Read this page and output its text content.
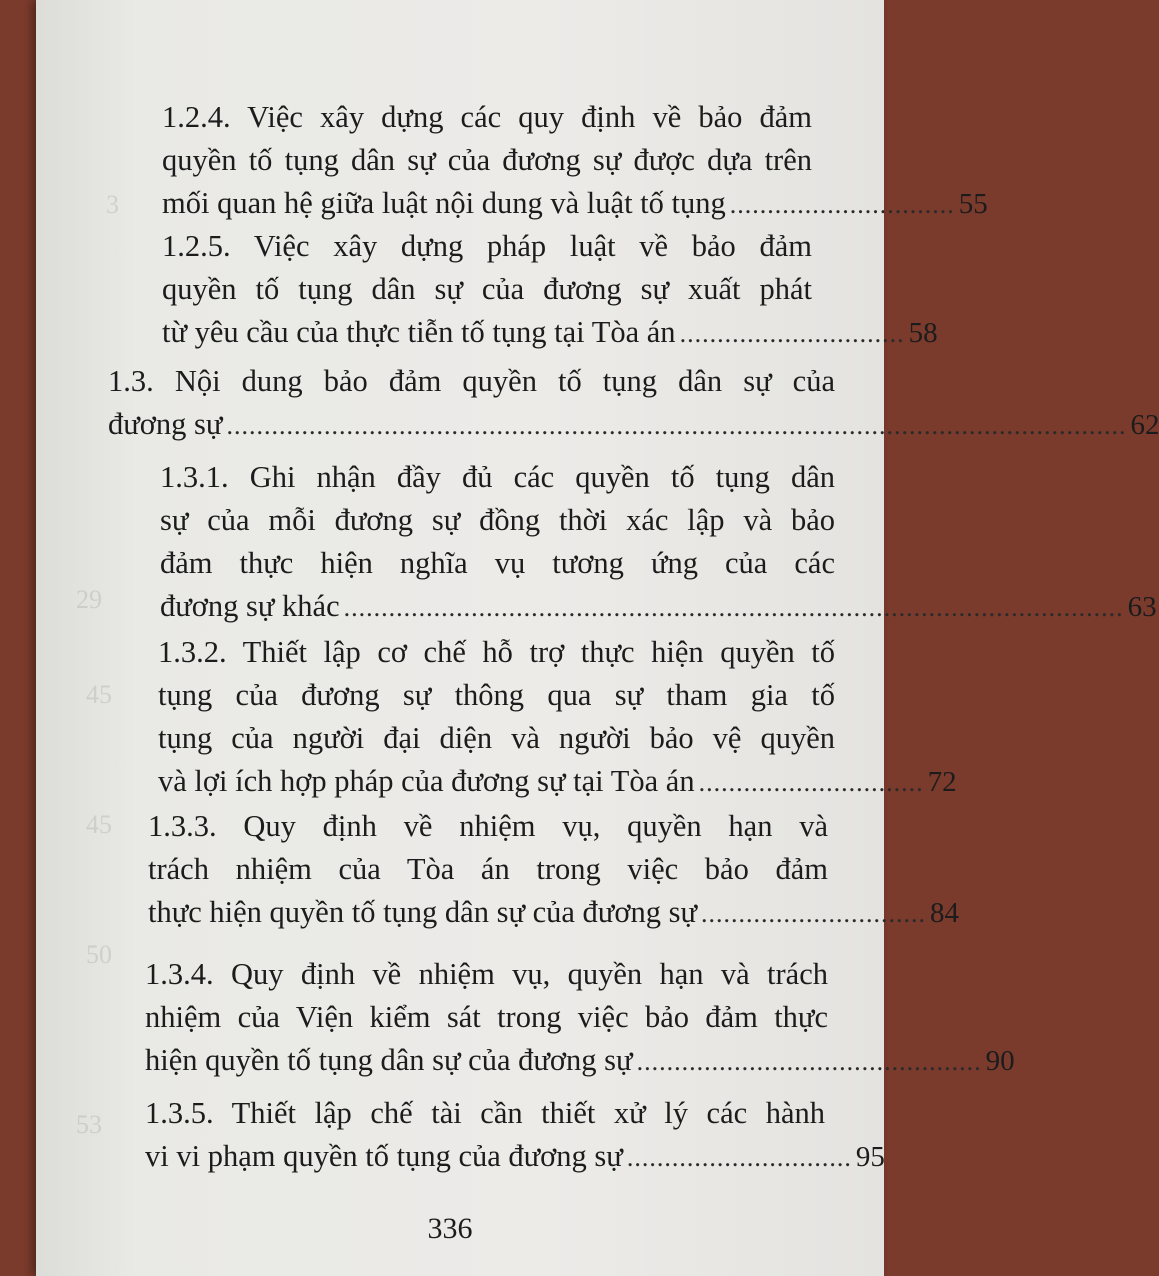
3
29
45
45
50
53
1.2.4. Việc xây dựng các quy định về bảo đảm
quyền tố tụng dân sự của đương sự được dựa trên
mối quan hệ giữa luật nội dung và luật tố tụng .............................. 55
1.2.5. Việc xây dựng pháp luật về bảo đảm
quyền tố tụng dân sự của đương sự xuất phát
từ yêu cầu của thực tiễn tố tụng tại Tòa án .............................. 58
1.3. Nội dung bảo đảm quyền tố tụng dân sự của
đương sự ........................................................................................................................ 62
1.3.1. Ghi nhận đầy đủ các quyền tố tụng dân
sự của mỗi đương sự đồng thời xác lập và bảo
đảm thực hiện nghĩa vụ tương ứng của các
đương sự khác ........................................................................................................ 63
1.3.2. Thiết lập cơ chế hỗ trợ thực hiện quyền tố
tụng của đương sự thông qua sự tham gia tố
tụng của người đại diện và người bảo vệ quyền
và lợi ích hợp pháp của đương sự tại Tòa án .............................. 72
1.3.3. Quy định về nhiệm vụ, quyền hạn và
trách nhiệm của Tòa án trong việc bảo đảm
thực hiện quyền tố tụng dân sự của đương sự .............................. 84
1.3.4. Quy định về nhiệm vụ, quyền hạn và trách
nhiệm của Viện kiểm sát trong việc bảo đảm thực
hiện quyền tố tụng dân sự của đương sự .............................................. 90
1.3.5. Thiết lập chế tài cần thiết xử lý các hành
vi vi phạm quyền tố tụng của đương sự .............................. 95
336
